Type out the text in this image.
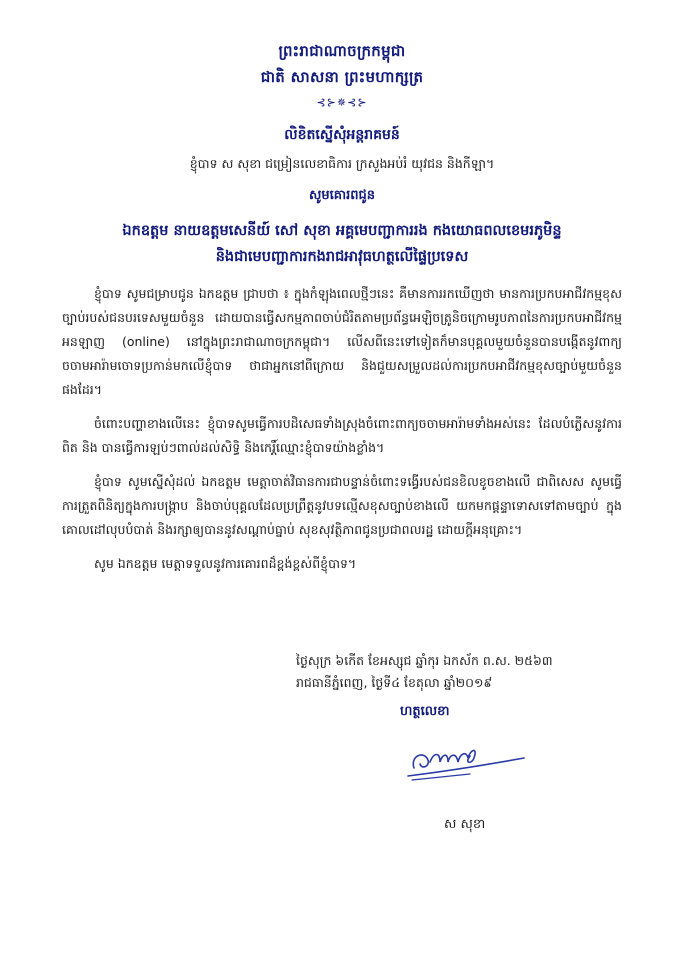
ព្រះរាជាណាចក្រកម្ពុជា
ជាតិ សាសនា ព្រះមហាក្សត្រ
⊰⊱✵⊰⊱
លិខិតស្នើសុំអន្តរាគមន៍
ខ្ញុំបាទ ស សុខា ជម្រៀនលេខាធិការ ក្រសួងអប់រំ យុវជន និងកីឡា។
សូមគោរពជូន
ឯកឧត្តម នាយឧត្តមសេនីយ៍ សៅ សុខា អគ្គមេបញ្ជាការរង កងយោធពលខេមរភូមិន្ទ
និងជាមេបញ្ជាការកងរាជអាវុធហត្ថលើផ្ទៃប្រទេស

ខ្ញុំបាទ សូមជម្រាបជូន ឯកឧត្តម ជ្រាបថា ៖ ក្នុងកំឡុងពេលថ្មីៗនេះ គឺមានការរកឃើញថា មានការប្រកបអាជីវកម្មខុសច្បាប់របស់ជនបរទេសមួយចំនួន ដោយបានធ្វើសកម្មភាពចាប់ជំរិតតាមប្រព័ន្ធអេឡិចត្រូនិចក្រោមរូបភាពនៃការប្រកបអាជីវកម្ម អនឡាញ (online) នៅក្នុងព្រះរាជាណាចក្រកម្ពុជា។ លើសពីនេះទៅទៀតក៏មានបុគ្គលមួយចំនួនបានបង្កើតនូវពាក្យចចាមអារ៉ាមចោទប្រកាន់មកលើខ្ញុំបាទ ថាជាអ្នកនៅពីក្រោយ និងជួយសម្រួលដល់ការប្រកបអាជីវកម្មខុសច្បាប់មួយចំនួនផងដែរ។

ចំពោះបញ្ហាខាងលើនេះ ខ្ញុំបាទសូមធ្វើការបដិសេធទាំងស្រុងចំពោះពាក្យចចាមអារ៉ាមទាំងអស់នេះ ដែលបំភ្លើសនូវការពិត និង បានធ្វើការឡប់ៗពាល់ដល់សិទ្ធិ និងកេរ្តិ៍ឈ្មោះខ្ញុំបាទយ៉ាងខ្លាំង។

ខ្ញុំបាទ សូមស្នើសុំដល់ ឯកឧត្តម មេត្តាចាត់វិធានការជាបន្ទាន់ចំពោះទង្វើរបស់ជនខិលខូចខាងលើ ជាពិសេស សូមធ្វើការត្រួតពិនិត្យក្នុងការបង្ក្រាប និងចាប់បុគ្គលដែលប្រព្រឹត្តនូវបទល្មើសខុសច្បាប់ខាងលើ យកមកផ្តន្ទាទោសទៅតាមច្បាប់ ក្នុងគោលដៅលុបបំបាត់ និងរក្សាឲ្យបាននូវសណ្តាប់ធ្នាប់ សុខសុវត្ថិភាពជូនប្រជាពលរដ្ឋ ដោយក្តីអនុគ្រោះ។

សូម ឯកឧត្តម មេត្តាទទួលនូវការគោរពដ៏ខ្ពង់ខ្ពស់ពីខ្ញុំបាទ។

ថ្ងៃសុក្រ ៦កើត ខែអស្សុជ ឆ្នាំកុរ ឯកស័ក ព.ស. ២៥៦៣
រាជធានីភ្នំពេញ, ថ្ងៃទី៤ ខែតុលា ឆ្នាំ២០១៩
ហត្ថលេខា
ស សុខា
